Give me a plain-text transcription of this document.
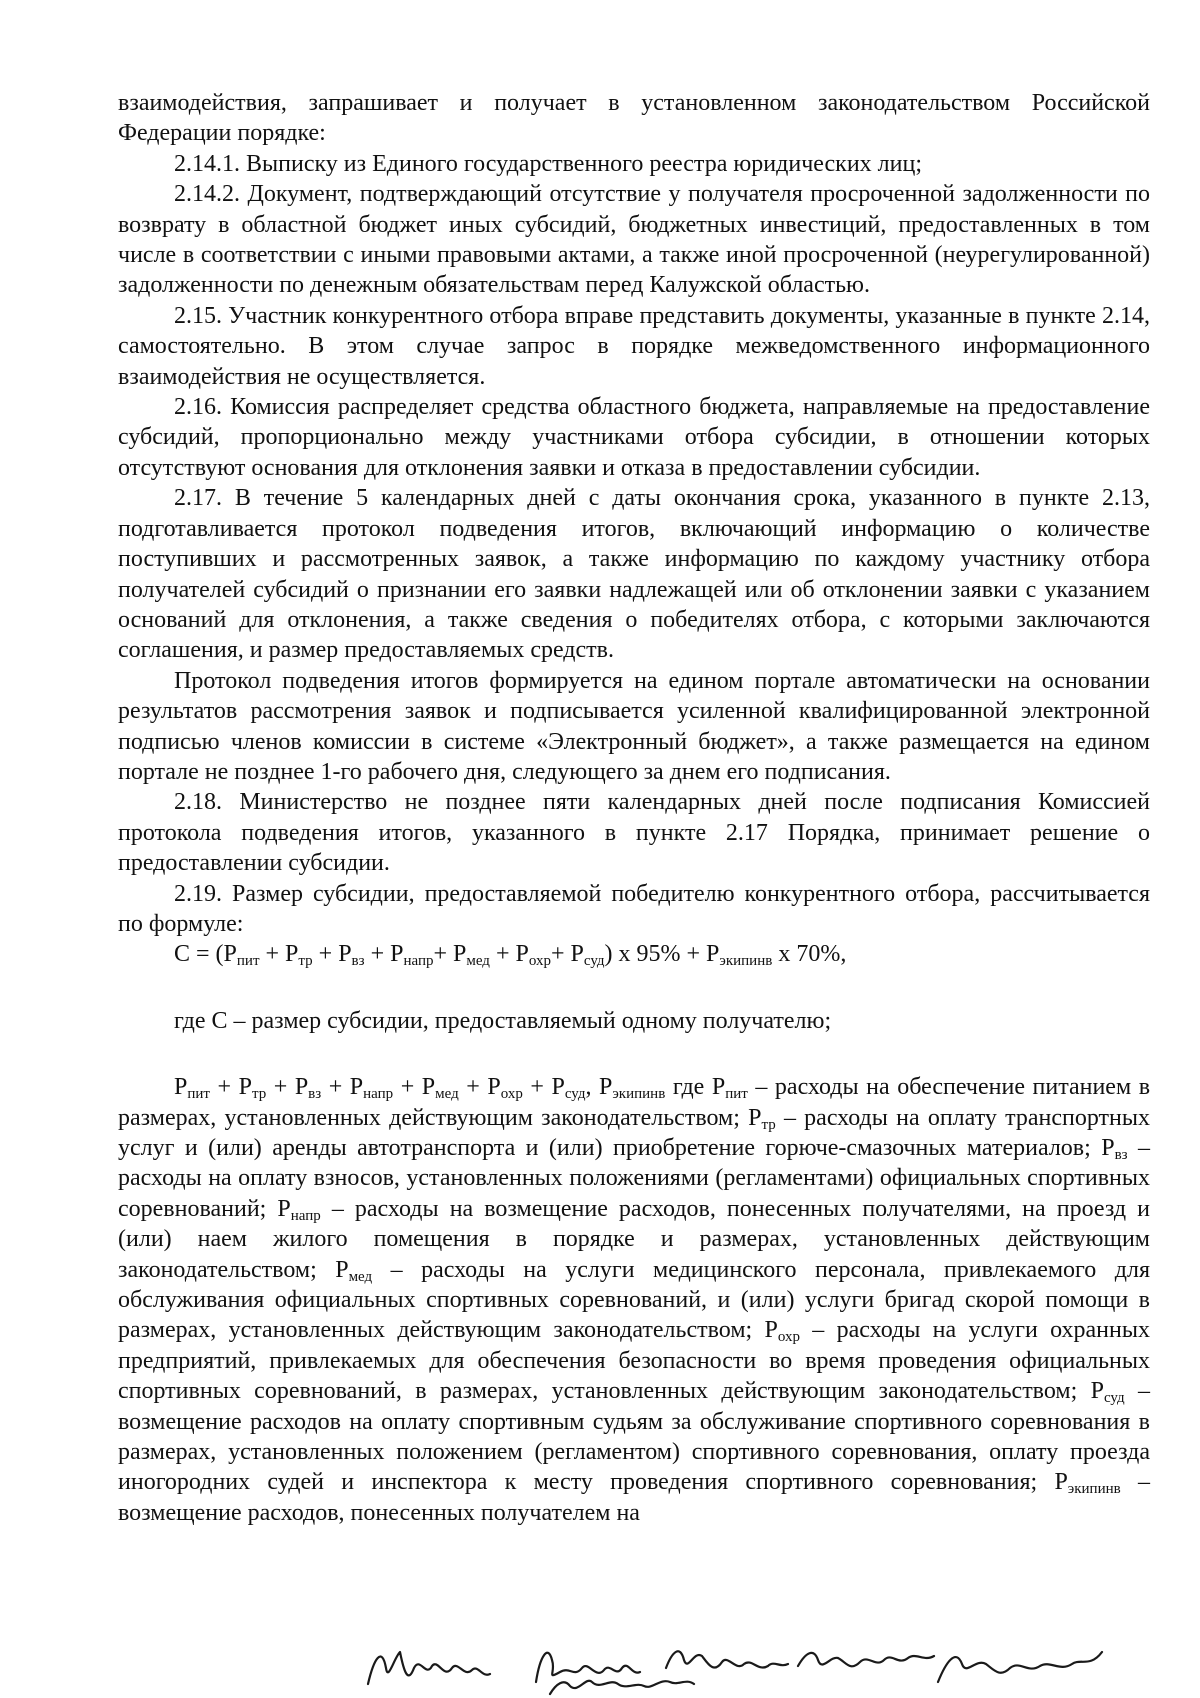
взаимодействия, запрашивает и получает в установленном законодательством Российской Федерации порядке:

2.14.1. Выписку из Единого государственного реестра юридических лиц;

2.14.2. Документ, подтверждающий отсутствие у получателя просроченной задолженности по возврату в областной бюджет иных субсидий, бюджетных инвестиций, предоставленных в том числе в соответствии с иными правовыми актами, а также иной просроченной (неурегулированной) задолженности по денежным обязательствам перед Калужской областью.

2.15. Участник конкурентного отбора вправе представить документы, указанные в пункте 2.14, самостоятельно. В этом случае запрос в порядке межведомственного информационного взаимодействия не осуществляется.

2.16. Комиссия распределяет средства областного бюджета, направляемые на предоставление субсидий, пропорционально между участниками отбора субсидии, в отношении которых отсутствуют основания для отклонения заявки и отказа в предоставлении субсидии.

2.17. В течение 5 календарных дней с даты окончания срока, указанного в пункте 2.13, подготавливается протокол подведения итогов, включающий информацию о количестве поступивших и рассмотренных заявок, а также информацию по каждому участнику отбора получателей субсидий о признании его заявки надлежащей или об отклонении заявки с указанием оснований для отклонения, а также сведения о победителях отбора, с которыми заключаются соглашения, и размер предоставляемых средств.

Протокол подведения итогов формируется на едином портале автоматически на основании результатов рассмотрения заявок и подписывается усиленной квалифицированной электронной подписью членов комиссии в системе «Электронный бюджет», а также размещается на едином портале не позднее 1-го рабочего дня, следующего за днем его подписания.

2.18. Министерство не позднее пяти календарных дней после подписания Комиссией протокола подведения итогов, указанного в пункте 2.17 Порядка, принимает решение о предоставлении субсидии.

2.19. Размер субсидии, предоставляемой победителю конкурентного отбора, рассчитывается по формуле:

$С = (Р_{пит} + Р_{тр} + Р_{вз} + Р_{напр}+ Р_{мед} + Р_{охр}+ Р_{суд})$ х $95\% + Р_{экипинв}$ х 70%,

где С – размер субсидии, предоставляемый одному получателю;

$Р_{пит} + Р_{тр} + Р_{вз} + Р_{напр} + Р_{мед} + Р_{охр} + Р_{суд}$, $Р_{экипинв}$ где $Р_{пит}$ – расходы на обеспечение питанием в размерах, установленных действующим законодательством; $Р_{тр}$ – расходы на оплату транспортных услуг и (или) аренды автотранспорта и (или) приобретение горюче-смазочных материалов; $Р_{вз}$ – расходы на оплату взносов, установленных положениями (регламентами) официальных спортивных соревнований; $Р_{напр}$ – расходы на возмещение расходов, понесенных получателями, на проезд и (или) наем жилого помещения в порядке и размерах, установленных действующим законодательством; $Р_{мед}$ – расходы на услуги медицинского персонала, привлекаемого для обслуживания официальных спортивных соревнований, и (или) услуги бригад скорой помощи в размерах, установленных действующим законодательством; $Р_{охр}$ – расходы на услуги охранных предприятий, привлекаемых для обеспечения безопасности во время проведения официальных спортивных соревнований, в размерах, установленных действующим законодательством; $Р_{суд}$ – возмещение расходов на оплату спортивным судьям за обслуживание спортивного соревнования в размерах, установленных положением (регламентом) спортивного соревнования, оплату проезда иногородних судей и инспектора к месту проведения спортивного соревнования; $Р_{экипинв}$ – возмещение расходов, понесенных получателем на
